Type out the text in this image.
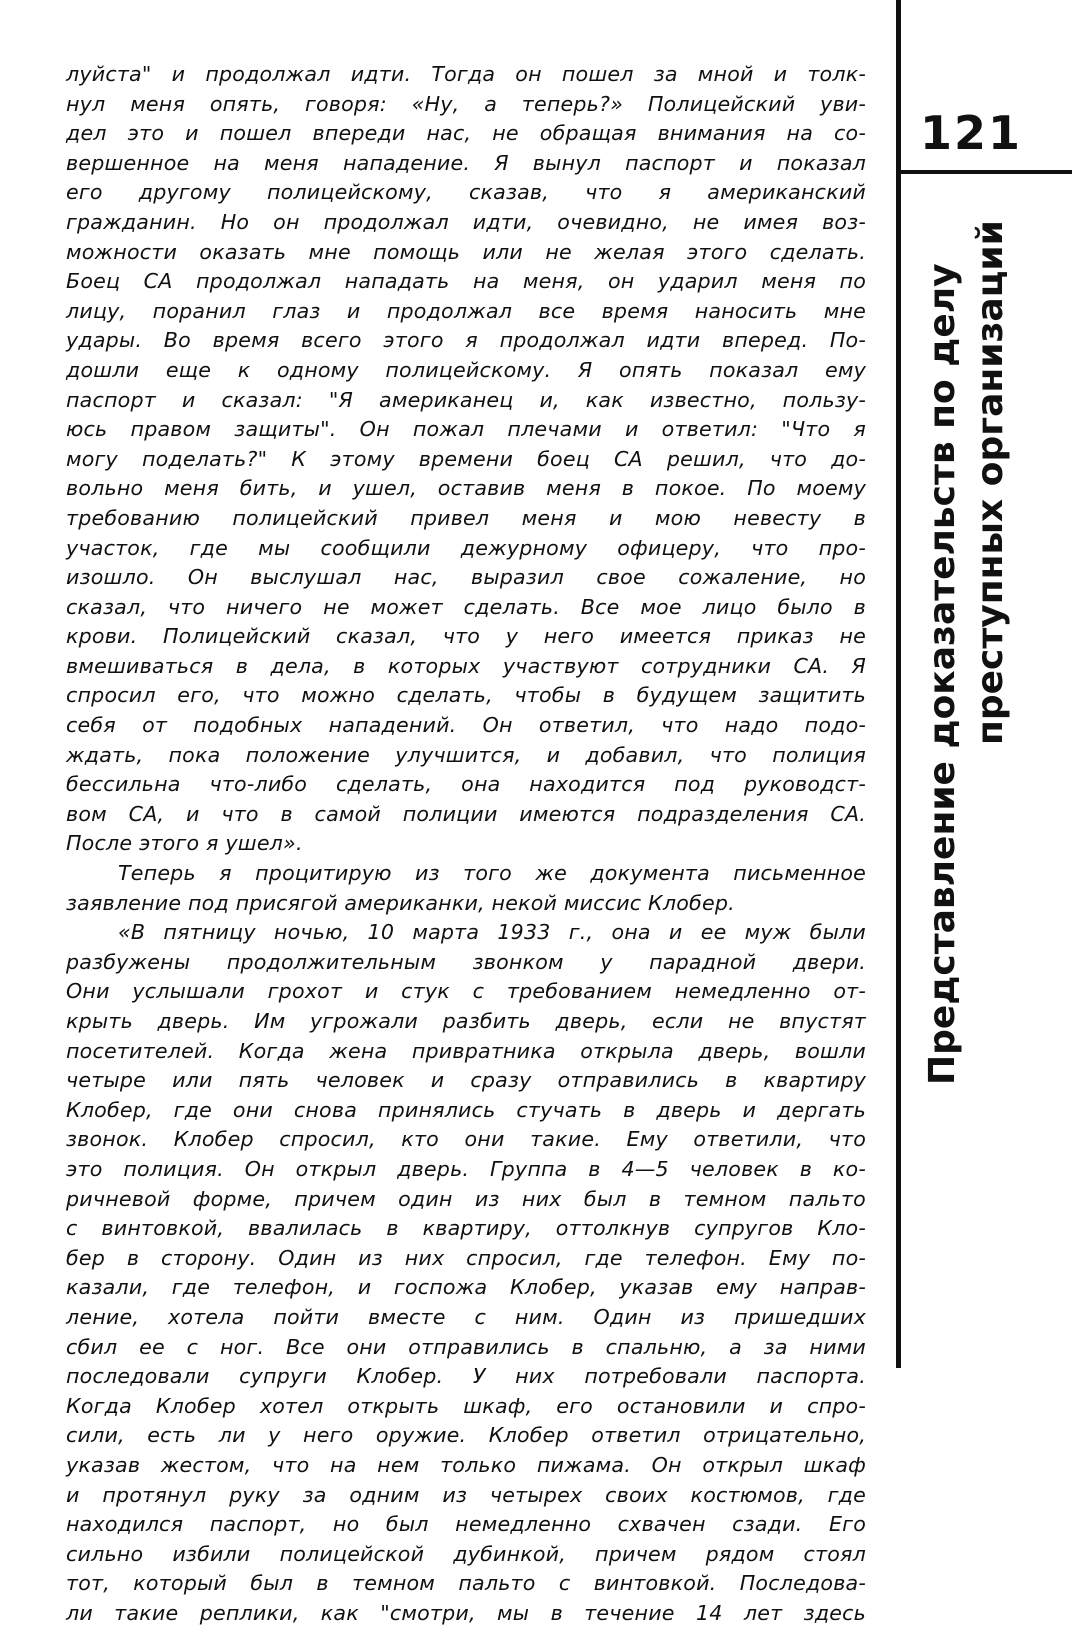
луйста" и продолжал идти. Тогда он пошел за мной и толк-
нул меня опять, говоря: «Ну, а теперь?» Полицейский уви-
дел это и пошел впереди нас, не обращая внимания на со-
вершенное на меня нападение. Я вынул паспорт и показал
его другому полицейскому, сказав, что я американский
гражданин. Но он продолжал идти, очевидно, не имея воз-
можности оказать мне помощь или не желая этого сделать.
Боец СА продолжал нападать на меня, он ударил меня по
лицу, поранил глаз и продолжал все время наносить мне
удары. Во время всего этого я продолжал идти вперед. По-
дошли еще к одному полицейскому. Я опять показал ему
паспорт и сказал: "Я американец и, как известно, пользу-
юсь правом защиты". Он пожал плечами и ответил: "Что я
могу поделать?" К этому времени боец СА решил, что до-
вольно меня бить, и ушел, оставив меня в покое. По моему
требованию полицейский привел меня и мою невесту в
участок, где мы сообщили дежурному офицеру, что про-
изошло. Он выслушал нас, выразил свое сожаление, но
сказал, что ничего не может сделать. Все мое лицо было в
крови. Полицейский сказал, что у него имеется приказ не
вмешиваться в дела, в которых участвуют сотрудники СА. Я
спросил его, что можно сделать, чтобы в будущем защитить
себя от подобных нападений. Он ответил, что надо подо-
ждать, пока положение улучшится, и добавил, что полиция
бессильна что-либо сделать, она находится под руководст-
вом СА, и что в самой полиции имеются подразделения СА.
После этого я ушел».
Теперь я процитирую из того же документа письменное
заявление под присягой американки, некой миссис Клобер.
«В пятницу ночью, 10 марта 1933 г., она и ее муж были
разбужены продолжительным звонком у парадной двери.
Они услышали грохот и стук с требованием немедленно от-
крыть дверь. Им угрожали разбить дверь, если не впустят
посетителей. Когда жена привратника открыла дверь, вошли
четыре или пять человек и сразу отправились в квартиру
Клобер, где они снова принялись стучать в дверь и дергать
звонок. Клобер спросил, кто они такие. Ему ответили, что
это полиция. Он открыл дверь. Группа в 4—5 человек в ко-
ричневой форме, причем один из них был в темном пальто
с винтовкой, ввалилась в квартиру, оттолкнув супругов Кло-
бер в сторону. Один из них спросил, где телефон. Ему по-
казали, где телефон, и госпожа Клобер, указав ему направ-
ление, хотела пойти вместе с ним. Один из пришедших
сбил ее с ног. Все они отправились в спальню, а за ними
последовали супруги Клобер. У них потребовали паспорта.
Когда Клобер хотел открыть шкаф, его остановили и спро-
сили, есть ли у него оружие. Клобер ответил отрицательно,
указав жестом, что на нем только пижама. Он открыл шкаф
и протянул руку за одним из четырех своих костюмов, где
находился паспорт, но был немедленно схвачен сзади. Его
сильно избили полицейской дубинкой, причем рядом стоял
тот, который был в темном пальто с винтовкой. Последова-
ли такие реплики, как "смотри, мы в течение 14 лет здесь
121
Представление доказательств по делу преступных организаций
